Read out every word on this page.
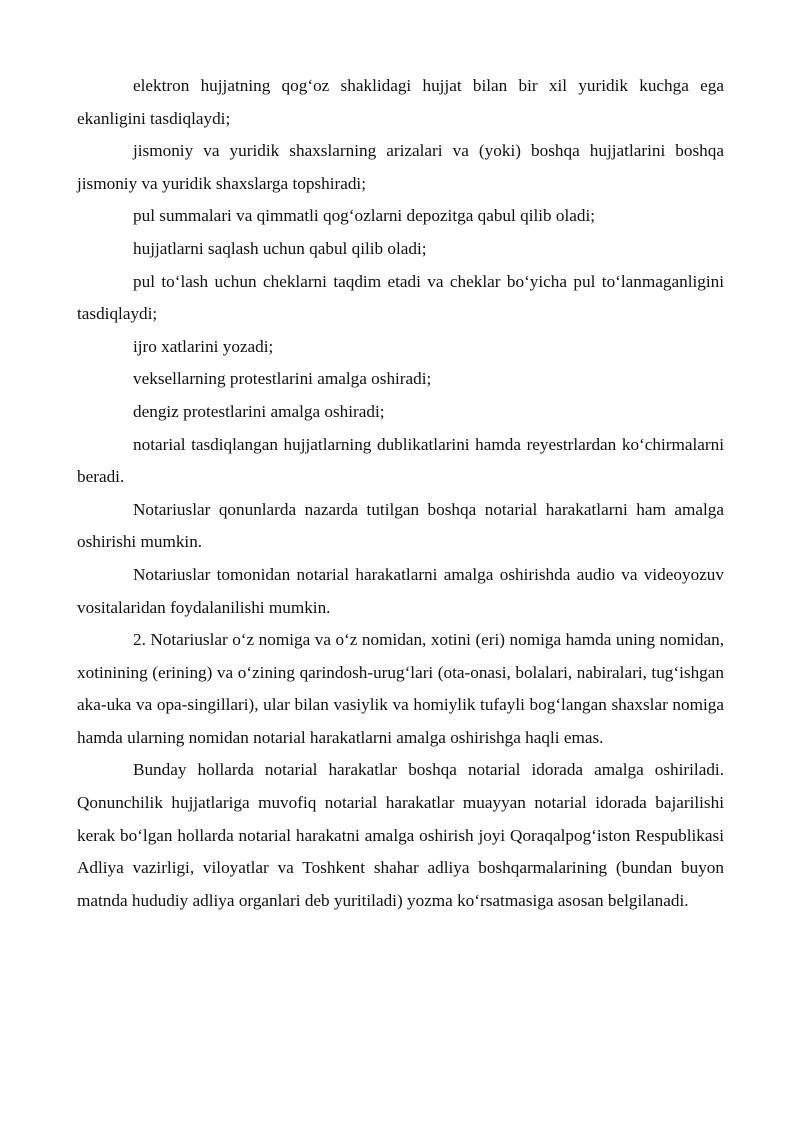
elektron hujjatning qog‘oz shaklidagi hujjat bilan bir xil yuridik kuchga ega ekanligini tasdiqlaydi;

jismoniy va yuridik shaxslarning arizalari va (yoki) boshqa hujjatlarini boshqa jismoniy va yuridik shaxslarga topshiradi;

pul summalari va qimmatli qog‘ozlarni depozitga qabul qilib oladi;

hujjatlarni saqlash uchun qabul qilib oladi;

pul to‘lash uchun cheklarni taqdim etadi va cheklar bo‘yicha pul to‘lanmaganligini tasdiqlaydi;

ijro xatlarini yozadi;

veksellarning protestlarini amalga oshiradi;

dengiz protestlarini amalga oshiradi;

notarial tasdiqlangan hujjatlarning dublikatlarini hamda reyestrlardan ko‘chirmalarni beradi.

Notariuslar qonunlarda nazarda tutilgan boshqa notarial harakatlarni ham amalga oshirishi mumkin.

Notariuslar tomonidan notarial harakatlarni amalga oshirishda audio va videoyozuv vositalaridan foydalanilishi mumkin.

2. Notariuslar o‘z nomiga va o‘z nomidan, xotini (eri) nomiga hamda uning nomidan, xotinining (erining) va o‘zining qarindosh-urug‘lari (ota-onasi, bolalari, nabiralari, tug‘ishgan aka-uka va opa-singillari), ular bilan vasiylik va homiylik tufayli bog‘langan shaxslar nomiga hamda ularning nomidan notarial harakatlarni amalga oshirishga haqli emas.

Bunday hollarda notarial harakatlar boshqa notarial idorada amalga oshiriladi. Qonunchilik hujjatlariga muvofiq notarial harakatlar muayyan notarial idorada bajarilishi kerak bo‘lgan hollarda notarial harakatni amalga oshirish joyi Qoraqalpog‘iston Respublikasi Adliya vazirligi, viloyatlar va Toshkent shahar adliya boshqarmalarining (bundan buyon matnda hududiy adliya organlari deb yuritiladi) yozma ko‘rsatmasiga asosan belgilanadi.
